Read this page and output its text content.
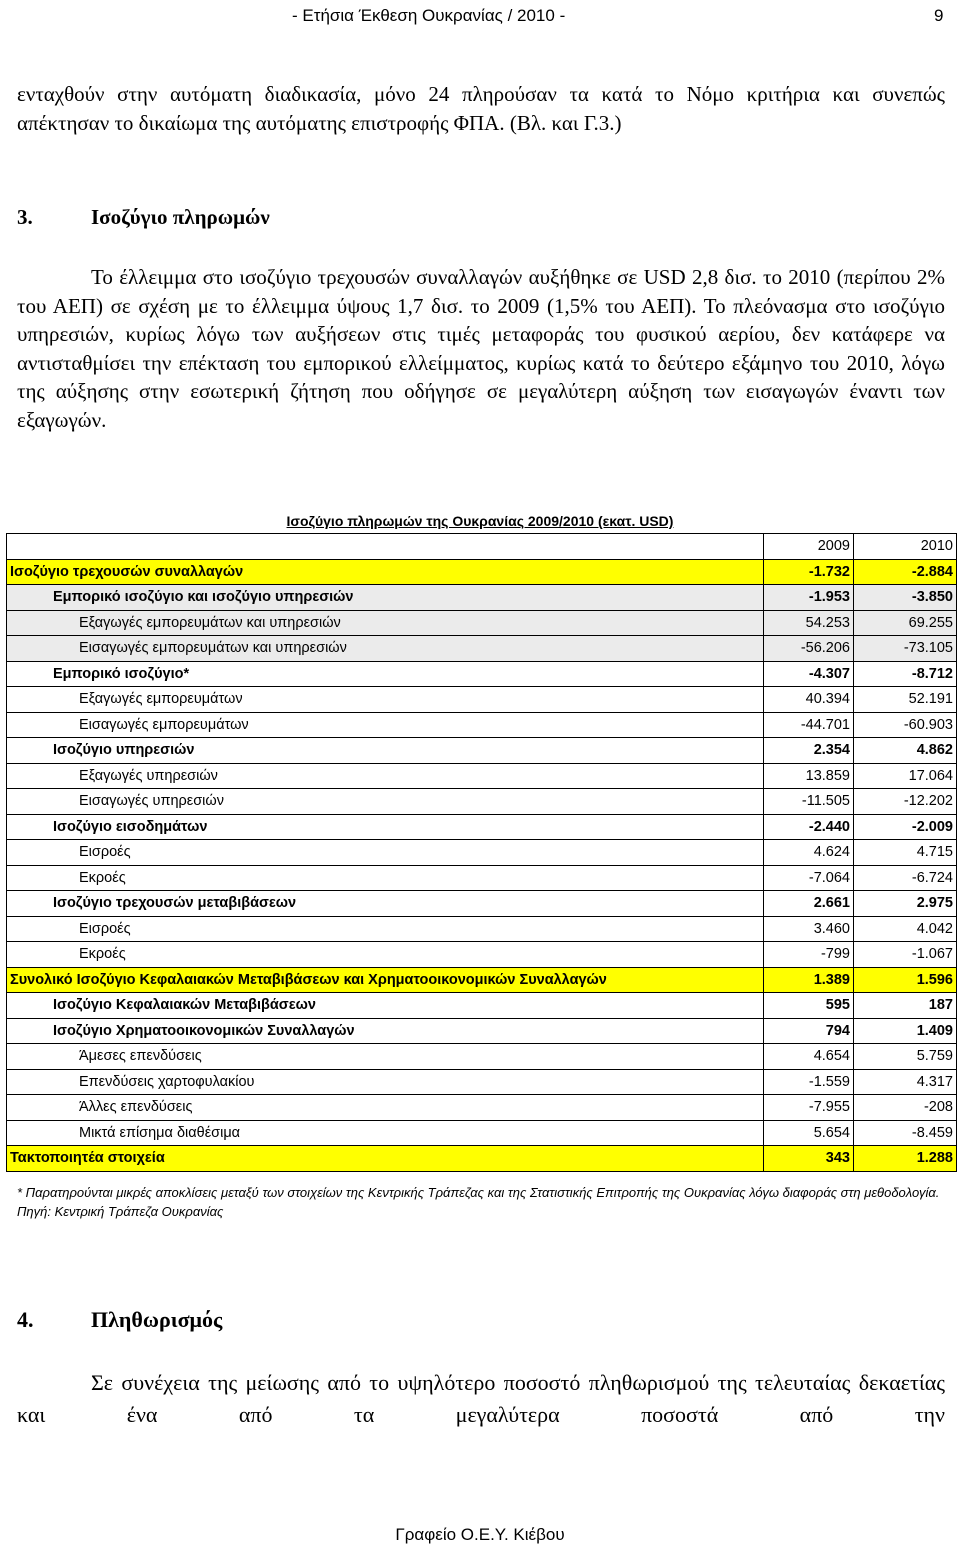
- Ετήσια Έκθεση Ουκρανίας / 2010 -	9
ενταχθούν στην αυτόματη διαδικασία, μόνο 24 πληρούσαν τα κατά το Νόμο κριτήρια και συνεπώς απέκτησαν το δικαίωμα της αυτόματης επιστροφής ΦΠΑ. (Βλ. και Γ.3.)
3.	Ισοζύγιο πληρωμών
Το έλλειμμα στο ισοζύγιο τρεχουσών συναλλαγών αυξήθηκε σε USD 2,8 δισ. το 2010 (περίπου 2% του ΑΕΠ) σε σχέση με το έλλειμμα ύψους 1,7 δισ. το 2009 (1,5% του ΑΕΠ). Το πλεόνασμα στο ισοζύγιο υπηρεσιών, κυρίως λόγω των αυξήσεων στις τιμές μεταφοράς του φυσικού αερίου, δεν κατάφερε να αντισταθμίσει την επέκταση του εμπορικού ελλείμματος, κυρίως κατά το δεύτερο εξάμηνο του 2010, λόγω της αύξησης στην εσωτερική ζήτηση που οδήγησε σε μεγαλύτερη αύξηση των εισαγωγών έναντι των εξαγωγών.
Ισοζύγιο πληρωμών της Ουκρανίας 2009/2010 (εκατ. USD)
	2009	2010
Ισοζύγιο τρεχουσών συναλλαγών	-1.732	-2.884
Εμπορικό ισοζύγιο και ισοζύγιο υπηρεσιών	-1.953	-3.850
Εξαγωγές εμπορευμάτων και υπηρεσιών	54.253	69.255
Εισαγωγές εμπορευμάτων και υπηρεσιών	-56.206	-73.105
Εμπορικό ισοζύγιο*	-4.307	-8.712
Εξαγωγές εμπορευμάτων	40.394	52.191
Εισαγωγές εμπορευμάτων	-44.701	-60.903
Ισοζύγιο υπηρεσιών	2.354	4.862
Εξαγωγές υπηρεσιών	13.859	17.064
Εισαγωγές υπηρεσιών	-11.505	-12.202
Ισοζύγιο εισοδημάτων	-2.440	-2.009
Εισροές	4.624	4.715
Εκροές	-7.064	-6.724
Ισοζύγιο τρεχουσών μεταβιβάσεων	2.661	2.975
Εισροές	3.460	4.042
Εκροές	-799	-1.067
Συνολικό Ισοζύγιο Κεφαλαιακών Μεταβιβάσεων και Χρηματοοικονομικών Συναλλαγών	1.389	1.596
Ισοζύγιο Κεφαλαιακών Μεταβιβάσεων	595	187
Ισοζύγιο Χρηματοοικονομικών Συναλλαγών	794	1.409
Άμεσες επενδύσεις	4.654	5.759
Επενδύσεις χαρτοφυλακίου	-1.559	4.317
Άλλες επενδύσεις	-7.955	-208
Μικτά επίσημα διαθέσιμα	5.654	-8.459
Τακτοποιητέα στοιχεία	343	1.288
* Παρατηρούνται μικρές αποκλίσεις μεταξύ των στοιχείων της Κεντρικής Τράπεζας και της Στατιστικής Επιτροπής της Ουκρανίας λόγω διαφοράς στη μεθοδολογία.
Πηγή: Κεντρική Τράπεζα Ουκρανίας
4.	Πληθωρισμός
Σε συνέχεια της μείωσης από το υψηλότερο ποσοστό πληθωρισμού της τελευταίας δεκαετίας και ένα από τα μεγαλύτερα ποσοστά από την
Γραφείο Ο.Ε.Υ. Κιέβου
